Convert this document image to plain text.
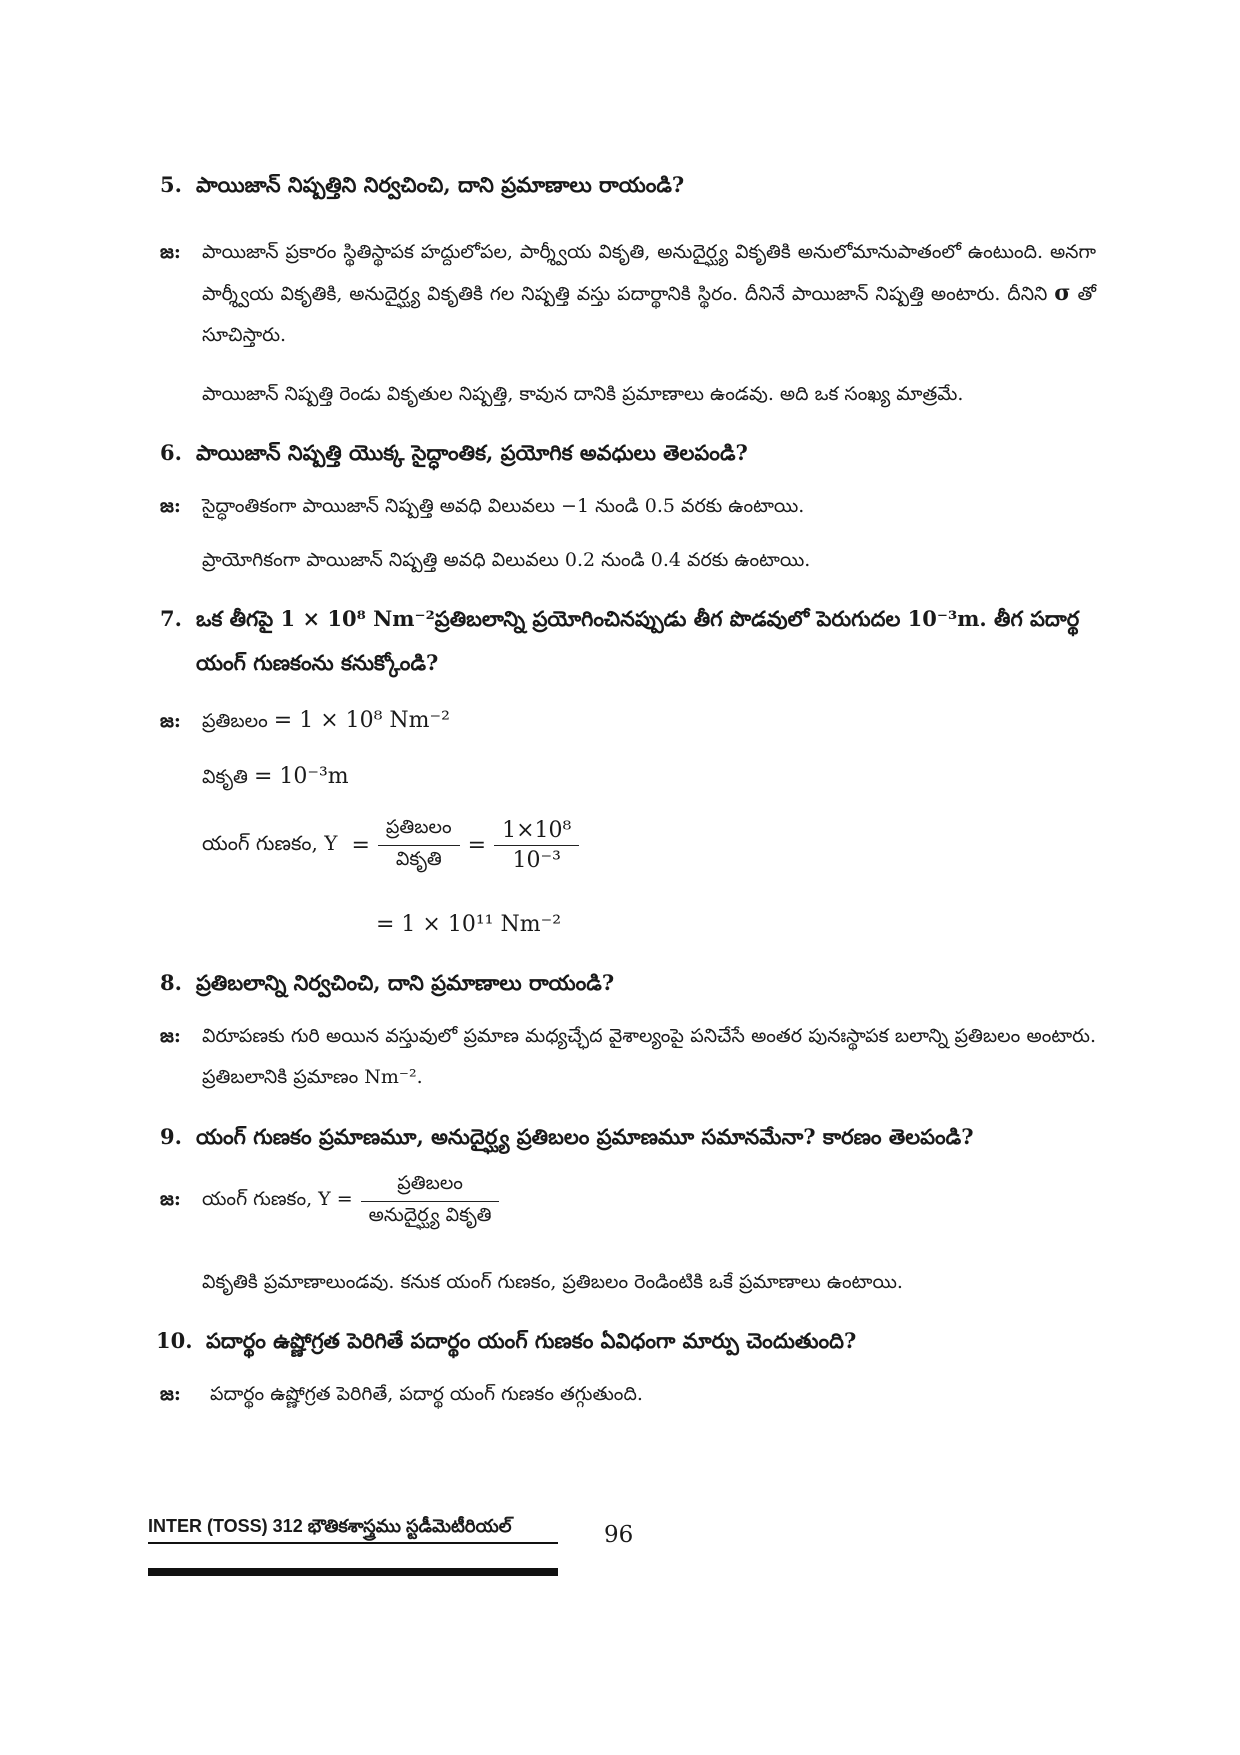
5. పాయిజాన్ నిష్పత్తిని నిర్వచించి, దాని ప్రమాణాలు రాయండి?
జ: పాయిజాన్ ప్రకారం స్థితిస్థాపక హద్దులోపల, పార్శ్వీయ వికృతి, అనుదైర్ఘ్య వికృతికి అనులోమానుపాతంలో ఉంటుంది. అనగా పార్శ్వీయ వికృతికి, అనుదైర్ఘ్య వికృతికి గల నిష్పత్తి వస్తు పదార్థానికి స్థిరం. దీనినే పాయిజాన్ నిష్పత్తి అంటారు. దీనిని σ తో సూచిస్తారు.
పాయిజాన్ నిష్పత్తి రెండు వికృతుల నిష్పత్తి, కావున దానికి ప్రమాణాలు ఉండవు. అది ఒక సంఖ్య మాత్రమే.
6. పాయిజాన్ నిష్పత్తి యొక్క సైద్ధాంతిక, ప్రయోగిక అవధులు తెలపండి?
జ: సైద్ధాంతికంగా పాయిజాన్ నిష్పత్తి అవధి విలువలు −1 నుండి 0.5 వరకు ఉంటాయి.
ప్రాయోగికంగా పాయిజాన్ నిష్పత్తి అవధి విలువలు 0.2 నుండి 0.4 వరకు ఉంటాయి.
7. ఒక తీగపై 1 × 10⁸ Nm⁻²ప్రతిబలాన్ని ప్రయోగించినప్పుడు తీగ పొడవులో పెరుగుదల 10⁻³m. తీగ పదార్థ
యంగ్ గుణకంను కనుక్కోండి?
జ: ప్రతిబలం = 1 × 10⁸ Nm⁻²
వికృతి = 10⁻³m
యంగ్ గుణకం, $Y = \frac{\text{ప్రతిబలం}}{\text{వికృతి}} = \frac{\text{1×10⁸}}{\text{10⁻³}}$
= 1 × 10¹¹ Nm⁻²
8. ప్రతిబలాన్ని నిర్వచించి, దాని ప్రమాణాలు రాయండి?
జ: విరూపణకు గురి అయిన వస్తువులో ప్రమాణ మధ్యచ్ఛేద వైశాల్యంపై పనిచేసే అంతర పునఃస్థాపక బలాన్ని ప్రతిబలం అంటారు. ప్రతిబలానికి ప్రమాణం Nm⁻².
9. యంగ్ గుణకం ప్రమాణమూ, అనుదైర్ఘ్య ప్రతిబలం ప్రమాణమూ సమానమేనా? కారణం తెలపండి?
జ:	యంగ్ గుణకం, $Y = \frac{\text{ప్రతిబలం}}{\text{అనుదైర్ఘ్య వికృతి}}$
వికృతికి ప్రమాణాలుండవు. కనుక యంగ్ గుణకం, ప్రతిబలం రెండింటికి ఒకే ప్రమాణాలు ఉంటాయి.
10. పదార్థం ఉష్ణోగ్రత పెరిగితే పదార్థం యంగ్ గుణకం ఏవిధంగా మార్పు చెందుతుంది?
జ: పదార్థం ఉష్ణోగ్రత పెరిగితే, పదార్థ యంగ్ గుణకం తగ్గుతుంది.
INTER (TOSS) 312 భౌతికశాస్త్రము స్టడీమెటీరియల్	96
